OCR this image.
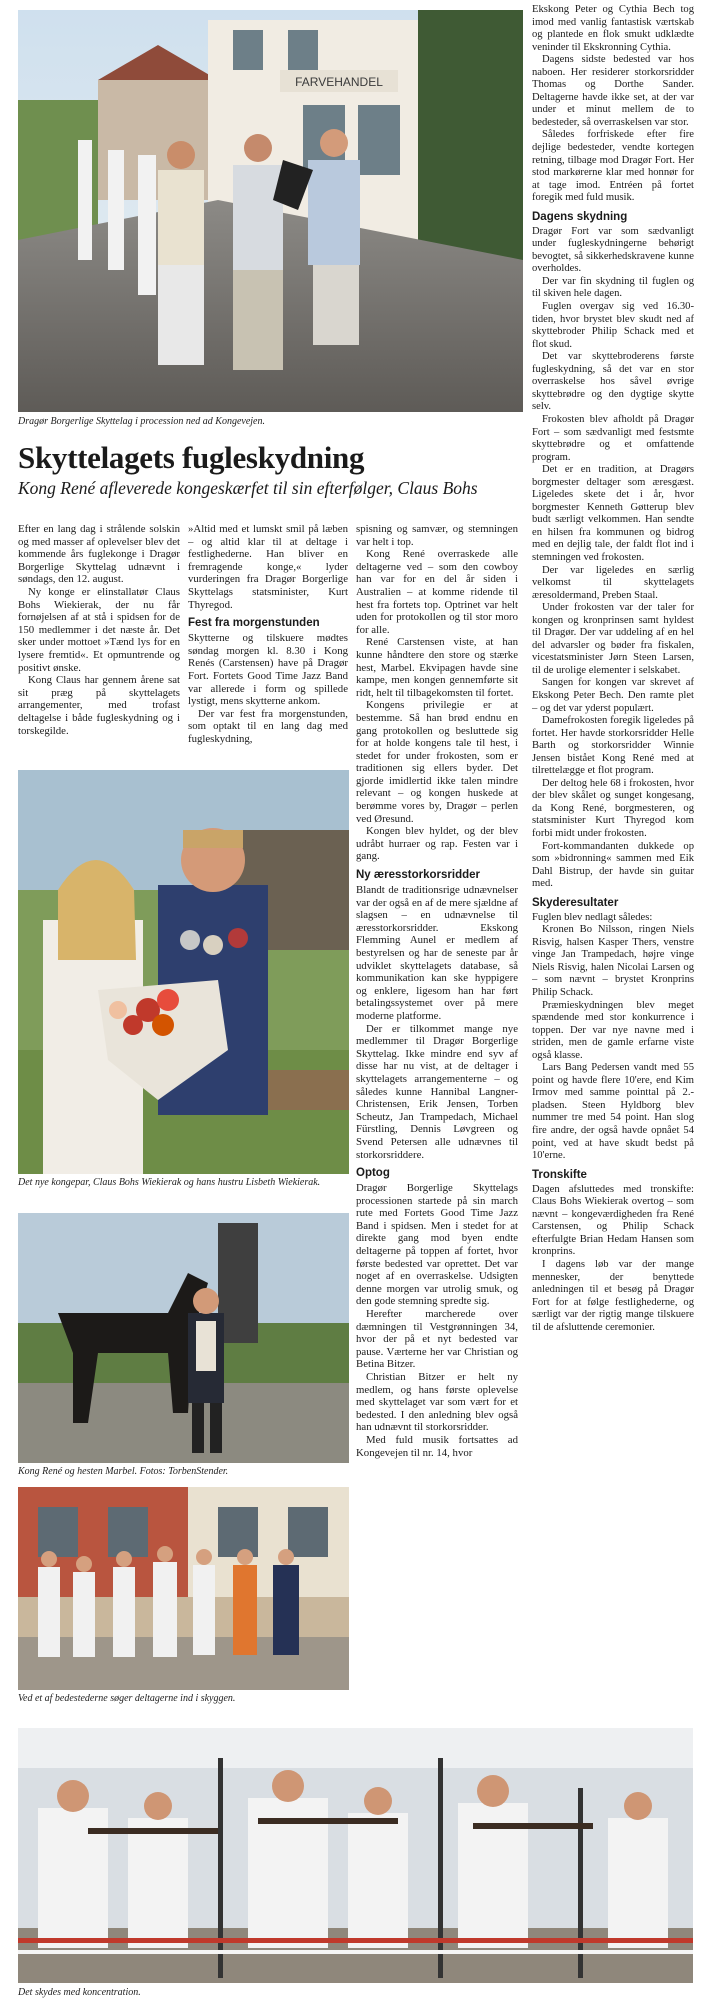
FARVEHANDEL
Dragør Borgerlige Skyttelag i procession ned ad Kongevejen.
Skyttelagets fugleskydning
Kong René afleverede kongeskærfet til sin efterfølger, Claus Bohs

Efter en lang dag i strålende solskin og med masser af oplevelser blev det kommende års fuglekonge i Dragør Borgerlige Skyttelag udnævnt i søndags, den 12. august.

Ny konge er elinstallatør Claus Bohs Wiekierak, der nu får fornøjelsen af at stå i spidsen for de 150 medlemmer i det næste år. Det sker under mottoet »Tænd lys for en lysere fremtid«. Et opmuntrende og positivt ønske.

Kong Claus har gennem årene sat sit præg på skyttelagets arrangementer, med trofast deltagelse i både fugleskydning og i torskegilde.

»Altid med et lumskt smil på læben – og altid klar til at deltage i festlighederne. Han bliver en fremragende konge,« lyder vurderingen fra Dragør Borgerlige Skyttelags statsminister, Kurt Thyregod.

Fest fra morgenstunden

Skytterne og tilskuere mødtes søndag morgen kl. 8.30 i Kong Renés (Carstensen) have på Dragør Fort. Fortets Good Time Jazz Band var allerede i form og spillede lystigt, mens skytterne ankom.

Der var fest fra morgenstunden, som optakt til en lang dag med fugleskydning,

Det nye kongepar, Claus Bohs Wiekierak og hans hustru Lisbeth Wiekierak.
Kong René og hesten Marbel. Fotos: TorbenStender.
Ved et af bedestederne søger deltagerne ind i skyggen.

spisning og samvær, og stemningen var helt i top.

Kong René overraskede alle deltagerne ved – som den cowboy han var for en del år siden i Australien – at komme ridende til hest fra fortets top. Optrinet var helt uden for protokollen og til stor moro for alle.

René Carstensen viste, at han kunne håndtere den store og stærke hest, Marbel. Ekvipagen havde sine kampe, men kongen gennemførte sit ridt, helt til tilbagekomsten til fortet.

Kongens privilegie er at bestemme. Så han brød endnu en gang protokollen og besluttede sig for at holde kongens tale til hest, i stedet for under frokosten, som er traditionen sig ellers byder. Det gjorde imidlertid ikke talen mindre relevant – og kongen huskede at berømme vores by, Dragør – perlen ved Øresund.

Kongen blev hyldet, og der blev udråbt hurraer og rap. Festen var i gang.

Ny æresstorkorsridder

Blandt de traditionsrige udnævnelser var der også en af de mere sjældne af slagsen – en udnævnelse til æresstorkorsridder. Ekskong Flemming Aunel er medlem af bestyrelsen og har de seneste par år udviklet skyttelagets database, så kommunikation kan ske hyppigere og enklere, ligesom han har ført betalingssystemet over på mere moderne platforme.

Der er tilkommet mange nye medlemmer til Dragør Borgerlige Skyttelag. Ikke mindre end syv af disse har nu vist, at de deltager i skyttelagets arrangementerne – og således kunne Hannibal Langner-Christensen, Erik Jensen, Torben Scheutz, Jan Trampedach, Michael Fürstling, Dennis Løvgreen og Svend Petersen alle udnævnes til storkorsriddere.

Optog

Dragør Borgerlige Skyttelags processionen startede på sin march rute med Fortets Good Time Jazz Band i spidsen. Men i stedet for at direkte gang mod byen endte deltagerne på toppen af fortet, hvor første bedested var oprettet. Det var noget af en overraskelse. Udsigten denne morgen var utrolig smuk, og den gode stemning spredte sig.

Herefter marcherede over dæmningen til Vestgrønningen 34, hvor der på et nyt bedested var pause. Værterne her var Christian og Betina Bitzer.

Christian Bitzer er helt ny medlem, og hans første oplevelse med skyttelaget var som vært for et bedested. I den anledning blev også han udnævnt til storkorsridder.

Med fuld musik fortsattes ad Kongevejen til nr. 14, hvor

Ekskong Peter og Cythia Bech tog imod med vanlig fantastisk værtskab og plantede en flok smukt udklædte veninder til Ekskronning Cythia.

Dagens sidste bedested var hos naboen. Her residerer storkorsridder Thomas og Dorthe Sander. Deltagerne havde ikke set, at der var under et minut mellem de to bedesteder, så overraskelsen var stor.

Således forfriskede efter fire dejlige bedesteder, vendte kortegen retning, tilbage mod Dragør Fort. Her stod markørerne klar med honnør for at tage imod. Entréen på fortet foregik med fuld musik.

Dagens skydning

Dragør Fort var som sædvanligt under fugleskydningerne behørigt bevogtet, så sikkerhedskravene kunne overholdes.

Der var fin skydning til fuglen og til skiven hele dagen.

Fuglen overgav sig ved 16.30-tiden, hvor brystet blev skudt ned af skyttebroder Philip Schack med et flot skud.

Det var skyttebroderens første fugleskydning, så det var en stor overraskelse hos såvel øvrige skyttebrødre og den dygtige skytte selv.

Frokosten blev afholdt på Dragør Fort – som sædvanligt med festsmte skyttebrødre og et omfattende program.

Det er en tradition, at Dragørs borgmester deltager som æresgæst. Ligeledes skete det i år, hvor borgmester Kenneth Gøtterup blev budt særligt velkommen. Han sendte en hilsen fra kommunen og bidrog med en dejlig tale, der faldt flot ind i stemningen ved frokosten.

Der var ligeledes en særlig velkomst til skyttelagets æresoldermand, Preben Staal.

Under frokosten var der taler for kongen og kronprinsen samt hyldest til Dragør. Der var uddeling af en hel del advarsler og bøder fra fiskalen, vicestatsminister Jørn Steen Larsen, til de urolige elementer i selskabet.

Sangen for kongen var skrevet af Ekskong Peter Bech. Den ramte plet – og det var yderst populært.

Damefrokosten foregik ligeledes på fortet. Her havde storkorsridder Helle Barth og storkorsridder Winnie Jensen bistået Kong René med at tilrettelægge et flot program.

Der deltog hele 68 i frokosten, hvor der blev skålet og sunget kongesang, da Kong René, borgmesteren, og statsminister Kurt Thyregod kom forbi midt under frokosten.

Fort-kommandanten dukkede op som »bidronning« sammen med Eik Dahl Bistrup, der havde sin guitar med.

Skyderesultater

Fuglen blev nedlagt således:

Kronen Bo Nilsson, ringen Niels Risvig, halsen Kasper Thers, venstre vinge Jan Trampedach, højre vinge Niels Risvig, halen Nicolai Larsen og – som nævnt – brystet Kronprins Philip Schack.

Præmieskydningen blev meget spændende med stor konkurrence i toppen. Der var nye navne med i striden, men de gamle erfarne viste også klasse.

Lars Bang Pedersen vandt med 55 point og havde flere 10'ere, end Kim Irmov med samme pointtal på 2.-pladsen. Steen Hyldborg blev nummer tre med 54 point. Han slog fire andre, der også havde opnået 54 point, ved at have skudt bedst på 10'erne.

Tronskifte

Dagen afsluttedes med tronskifte: Claus Bohs Wiekierak overtog – som nævnt – kongeværdigheden fra René Carstensen, og Philip Schack efterfulgte Brian Hedam Hansen som kronprins.

I dagens løb var der mange mennesker, der benyttede anledningen til et besøg på Dragør Fort for at følge festlighederne, og særligt var der rigtig mange tilskuere til de afsluttende ceremonier.

Det skydes med koncentration.
